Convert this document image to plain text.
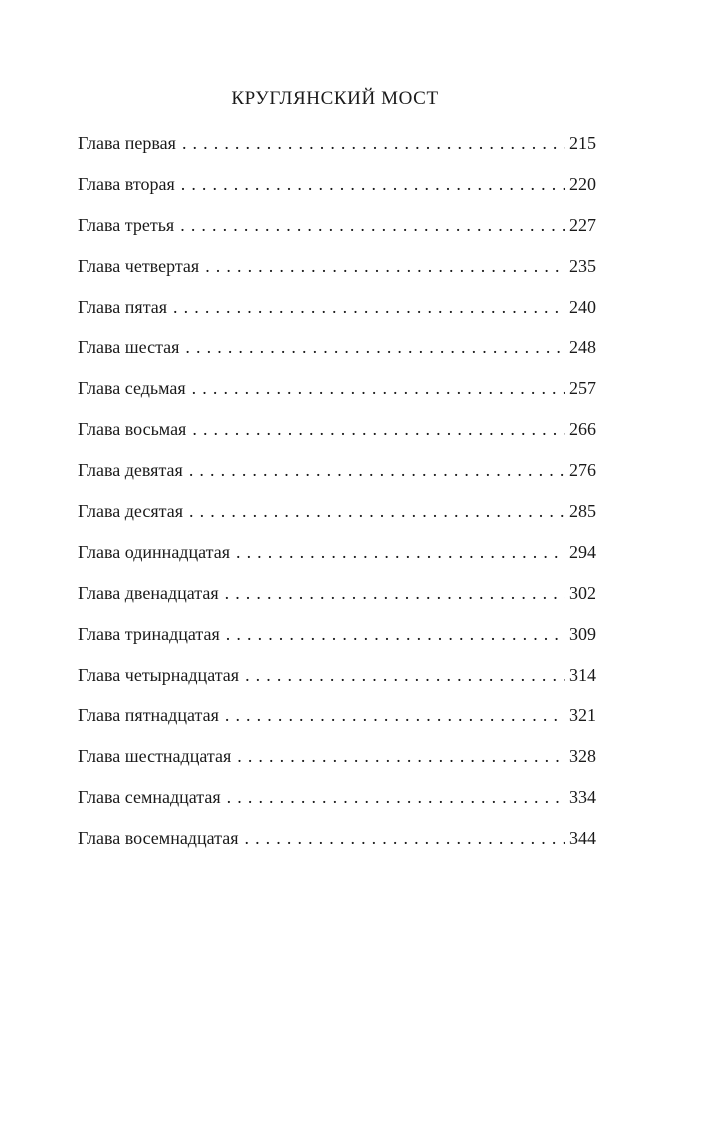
КРУГЛЯНСКИЙ МОСТ
Глава первая . . .	215
Глава вторая . . .	220
Глава третья . . .	227
Глава четвертая . . .	235
Глава пятая . . .	240
Глава шестая . . .	248
Глава седьмая . . .	257
Глава восьмая . . .	266
Глава девятая . . .	276
Глава десятая . . .	285
Глава одиннадцатая . . .	294
Глава двенадцатая . . .	302
Глава тринадцатая . . .	309
Глава четырнадцатая . . .	314
Глава пятнадцатая . . .	321
Глава шестнадцатая . . .	328
Глава семнадцатая . . .	334
Глава восемнадцатая . . .	344
